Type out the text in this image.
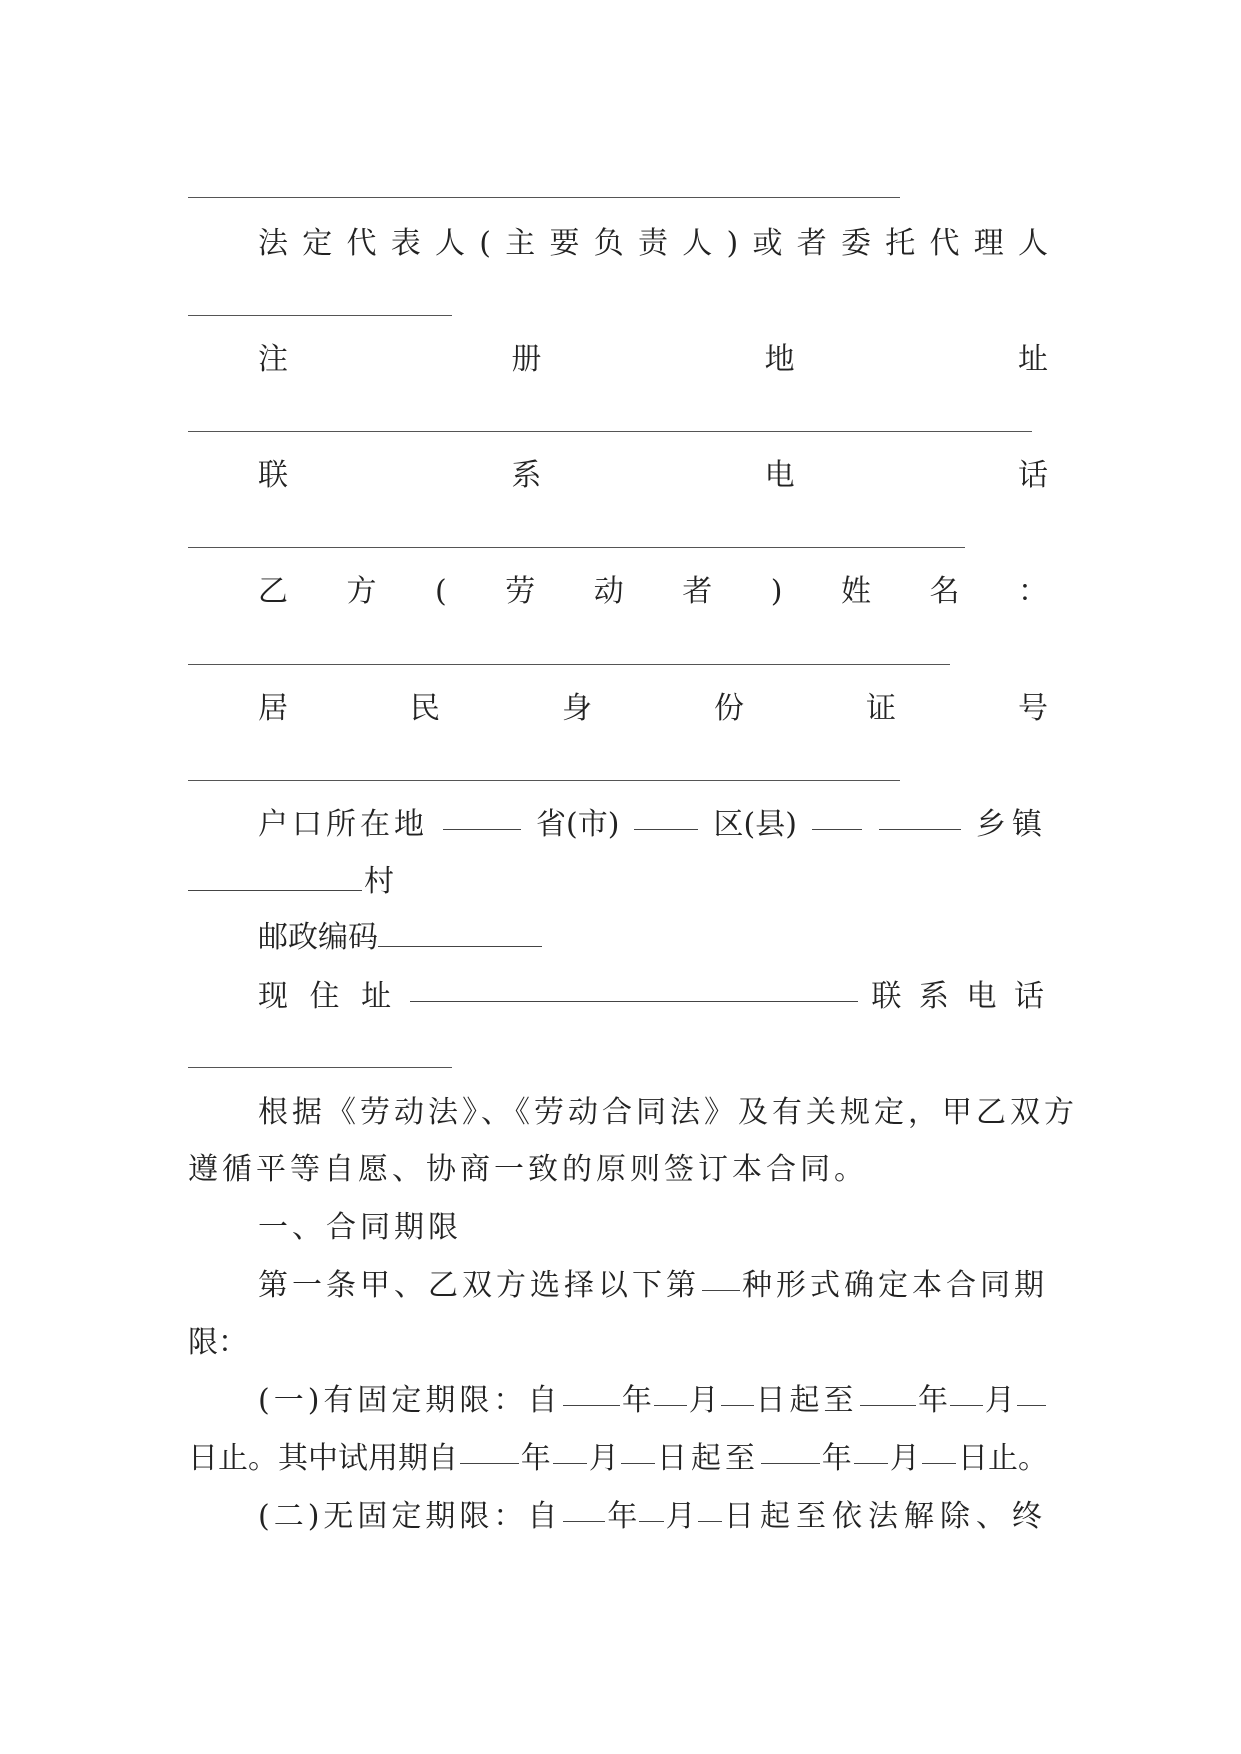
法 定 代 表 人 ( 主 要 负 责 人 ) 或 者 委 托 代 理 人
注	册	地	址
联	系	电	话
乙 方 ( 劳 动 者 ) 姓 名 ：
居	民	身	份	证	号
户口所在地	省(市)	区(县)	乡镇
村
邮政编码
现 住 址	联 系 电 话
根据《劳动法》、《劳动合同法》及有关规定，甲乙双方
遵循平等自愿、协商一致的原则签订本合同。
一、合同期限
第一条甲、乙双方选择以下第 种形式确定本合同期
限：
(一)有固定期限：自 年 月 日起至 年 月
日止。其中试用期自 年 月 日起至 年 月 日止。
(二)无固定期限：自 年 月 日起至依法解除、终
